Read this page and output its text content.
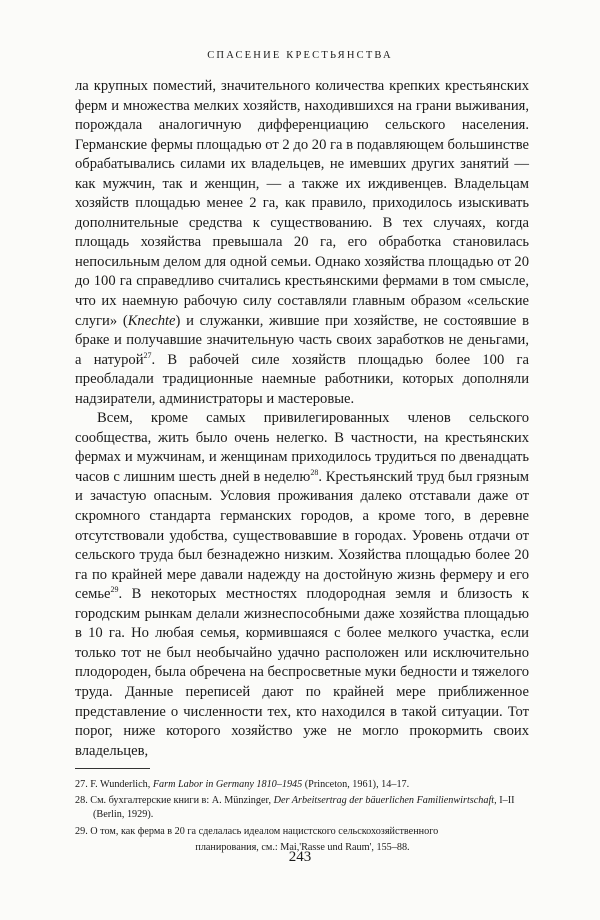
СПАСЕНИЕ КРЕСТЬЯНСТВА

ла крупных поместий, значительного количества крепких крестьянских ферм и множества мелких хозяйств, находившихся на грани выживания, порождала аналогичную дифференциацию сельского населения. Германские фермы площадью от 2 до 20 га в подавляющем большинстве обрабатывались силами их владельцев, не имевших других занятий — как мужчин, так и женщин, — а также их иждивенцев. Владельцам хозяйств площадью менее 2 га, как правило, приходилось изыскивать дополнительные средства к существованию. В тех случаях, когда площадь хозяйства превышала 20 га, его обработка становилась непосильным делом для одной семьи. Однако хозяйства площадью от 20 до 100 га справедливо считались крестьянскими фермами в том смысле, что их наемную рабочую силу составляли главным образом «сельские слуги» (Knechte) и служанки, жившие при хозяйстве, не состоявшие в браке и получавшие значительную часть своих заработков не деньгами, а натурой$^{27}$. В рабочей силе хозяйств площадью более 100 га преобладали традиционные наемные работники, которых дополняли надзиратели, администраторы и мастеровые.

Всем, кроме самых привилегированных членов сельского сообщества, жить было очень нелегко. В частности, на крестьянских фермах и мужчинам, и женщинам приходилось трудиться по двенадцать часов с лишним шесть дней в неделю$^{28}$. Крестьянский труд был грязным и зачастую опасным. Условия проживания далеко отставали даже от скромного стандарта германских городов, а кроме того, в деревне отсутствовали удобства, существовавшие в городах. Уровень отдачи от сельского труда был безнадежно низким. Хозяйства площадью более 20 га по крайней мере давали надежду на достойную жизнь фермеру и его семье$^{29}$. В некоторых местностях плодородная земля и близость к городским рынкам делали жизнеспособными даже хозяйства площадью в 10 га. Но любая семья, кормившаяся с более мелкого участка, если только тот не был необычайно удачно расположен или исключительно плодороден, была обречена на беспросветные муки бедности и тяжелого труда. Данные переписей дают по крайней мере приближенное представление о численности тех, кто находился в такой ситуации. Тот порог, ниже которого хозяйство уже не могло прокормить своих владельцев,

27. F. Wunderlich, Farm Labor in Germany 1810–1945 (Princeton, 1961), 14–17.

28. См. бухгалтерские книги в: A. Münzinger, Der Arbeitsertrag der bäuerlichen Familienwirtschaft, I–II (Berlin, 1929).

29. О том, как ферма в 20 га сделалась идеалом нацистского сельскохозяйственного

планирования, см.: Mai,'Rasse und Raum', 155–88.

243
